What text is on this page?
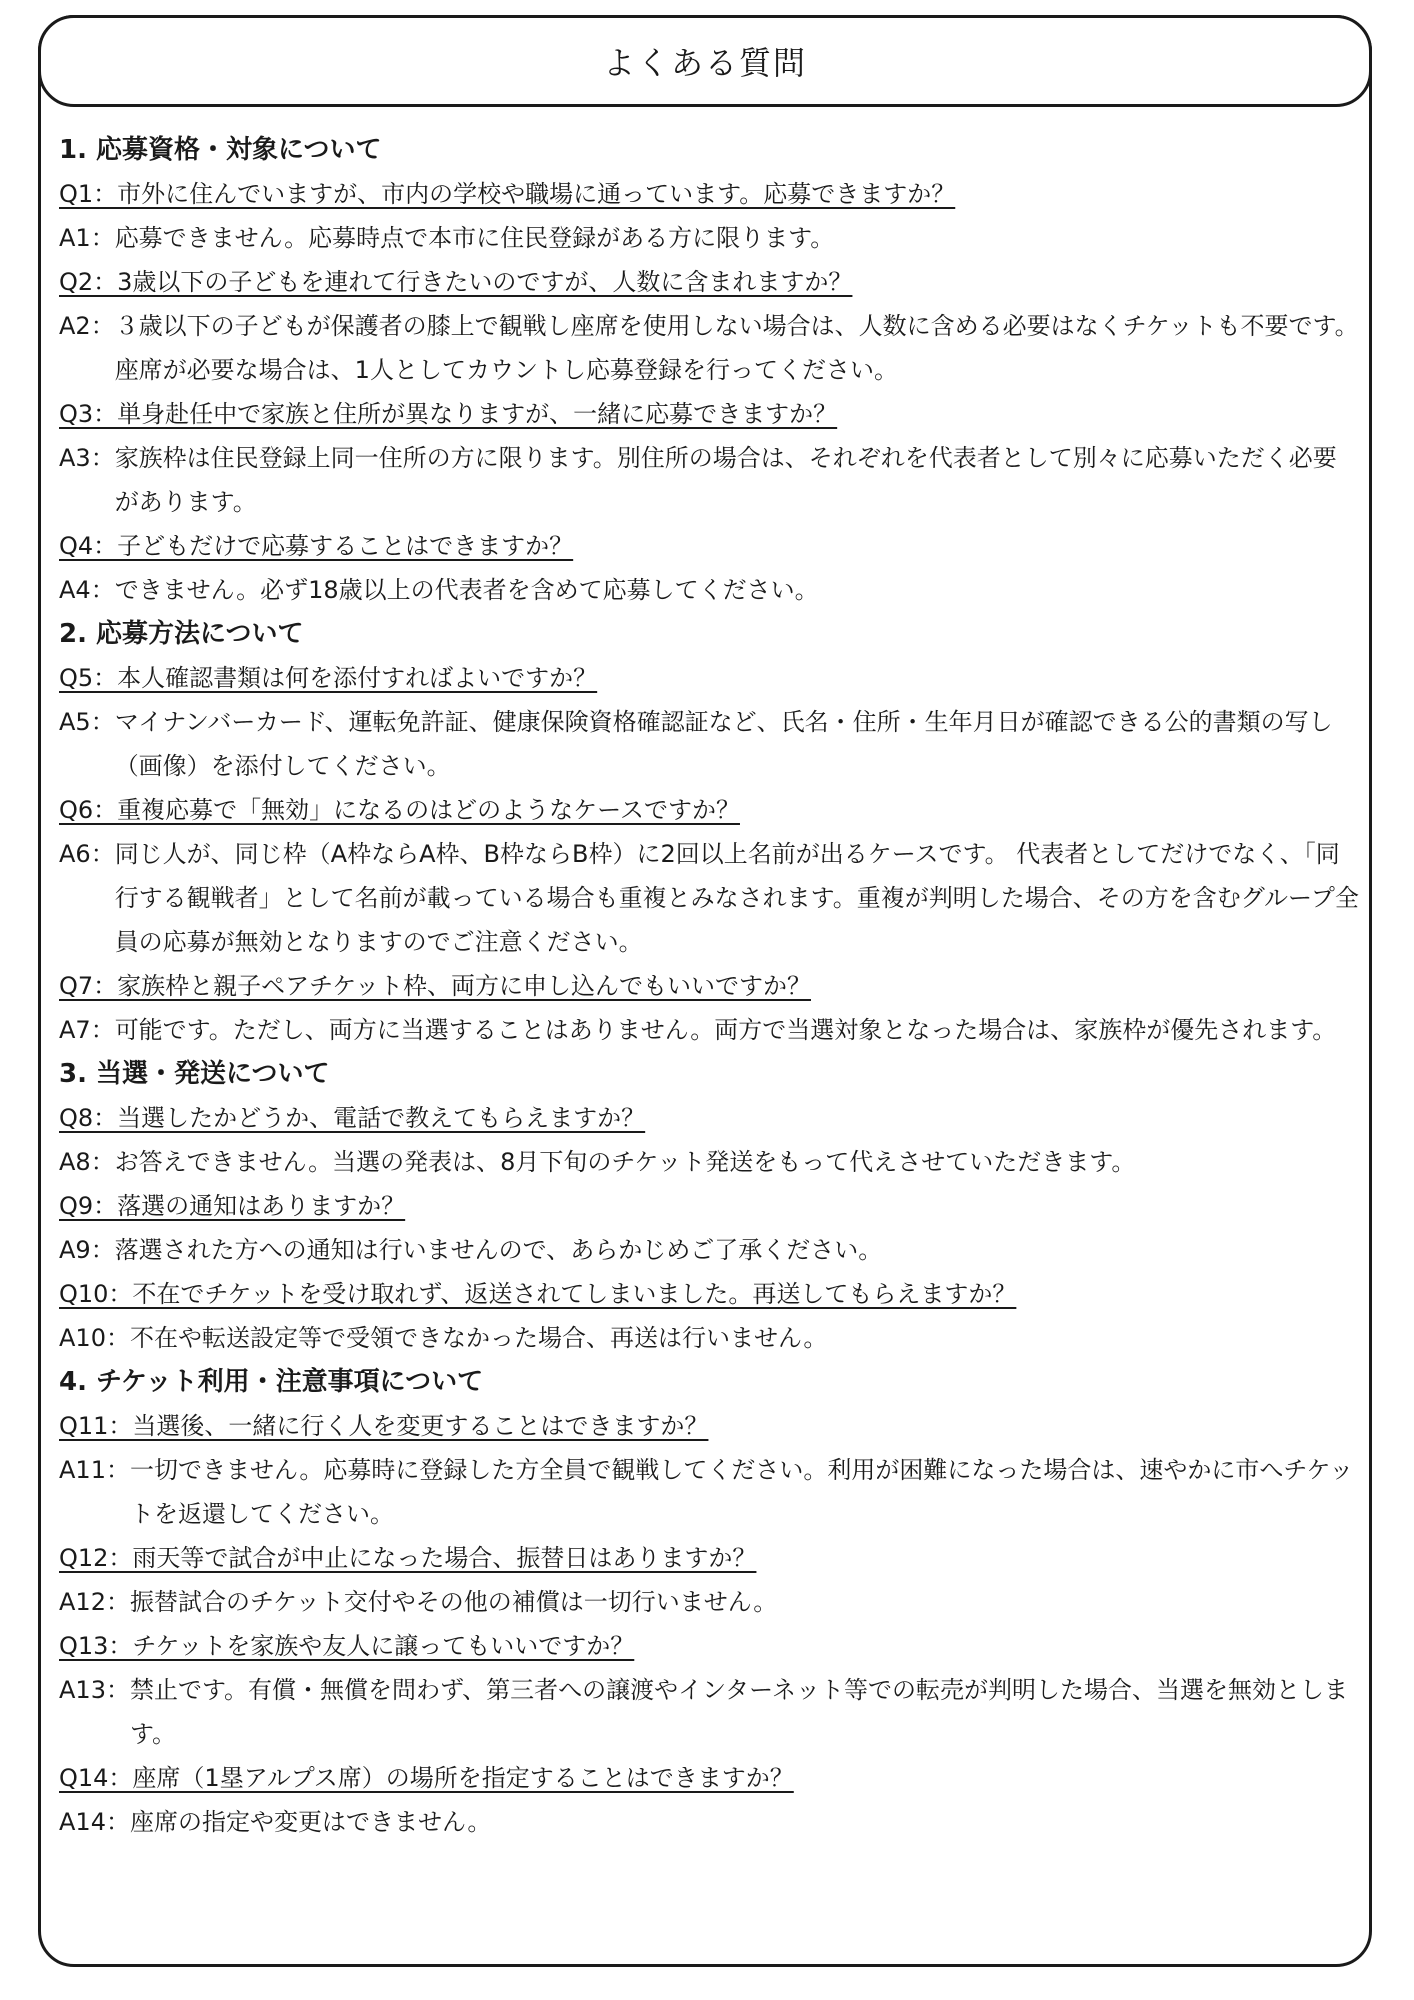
よくある質問
1. 応募資格・対象について
Q1：市外に住んでいますが、市内の学校や職場に通っています。応募できますか？
A1： 応募できません。応募時点で本市に住民登録がある方に限ります。
Q2：3歳以下の子どもを連れて行きたいのですが、人数に含まれますか？
A2： ３歳以下の子どもが保護者の膝上で観戦し座席を使用しない場合は、人数に含める必要はなくチケットも不要です。座席が必要な場合は、1人としてカウントし応募登録を行ってください。
Q3：単身赴任中で家族と住所が異なりますが、一緒に応募できますか？
A3： 家族枠は住民登録上同一住所の方に限ります。別住所の場合は、それぞれを代表者として別々に応募いただく必要があります。
Q4：子どもだけで応募することはできますか？
A4： できません。必ず18歳以上の代表者を含めて応募してください。
2. 応募方法について
Q5：本人確認書類は何を添付すればよいですか？
A5： マイナンバーカード、運転免許証、健康保険資格確認証など、氏名・住所・生年月日が確認できる公的書類の写し（画像）を添付してください。
Q6：重複応募で「無効」になるのはどのようなケースですか？
A6： 同じ人が、同じ枠（A枠ならA枠、B枠ならB枠）に2回以上名前が出るケースです。 代表者としてだけでなく、「同行する観戦者」として名前が載っている場合も重複とみなされます。重複が判明した場合、その方を含むグループ全員の応募が無効となりますのでご注意ください。
Q7：家族枠と親子ペアチケット枠、両方に申し込んでもいいですか？
A7： 可能です。ただし、両方に当選することはありません。両方で当選対象となった場合は、家族枠が優先されます。
3. 当選・発送について
Q8：当選したかどうか、電話で教えてもらえますか？
A8： お答えできません。当選の発表は、8月下旬のチケット発送をもって代えさせていただきます。
Q9：落選の通知はありますか？
A9： 落選された方への通知は行いませんので、あらかじめご了承ください。
Q10：不在でチケットを受け取れず、返送されてしまいました。再送してもらえますか？
A10： 不在や転送設定等で受領できなかった場合、再送は行いません。
4. チケット利用・注意事項について
Q11：当選後、一緒に行く人を変更することはできますか？
A11： 一切できません。応募時に登録した方全員で観戦してください。利用が困難になった場合は、速やかに市へチケットを返還してください。
Q12：雨天等で試合が中止になった場合、振替日はありますか？
A12： 振替試合のチケット交付やその他の補償は一切行いません。
Q13：チケットを家族や友人に譲ってもいいですか？
A13： 禁止です。有償・無償を問わず、第三者への譲渡やインターネット等での転売が判明した場合、当選を無効とします。
Q14：座席（1塁アルプス席）の場所を指定することはできますか？
A14： 座席の指定や変更はできません。
